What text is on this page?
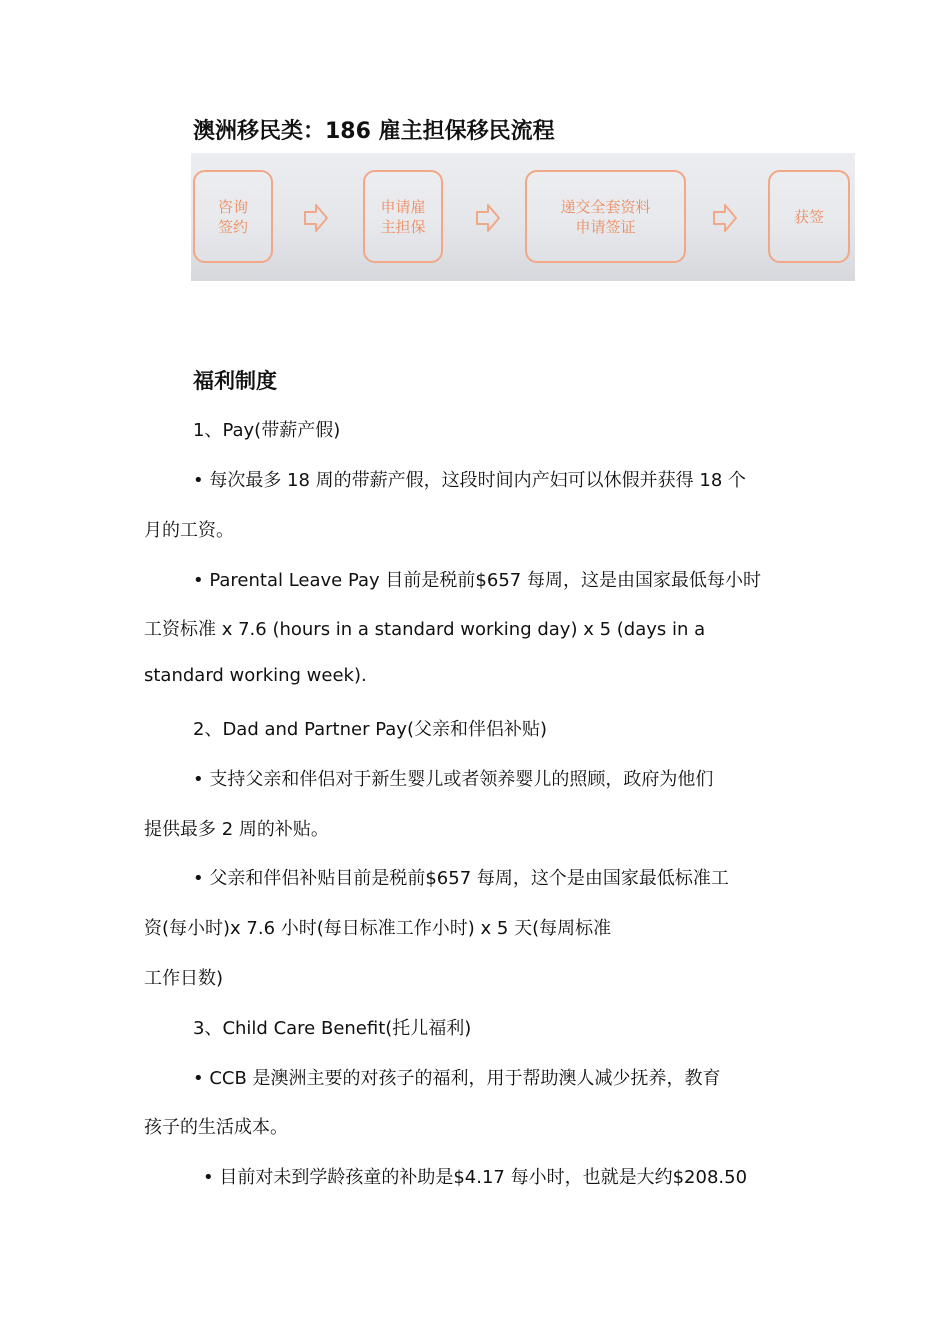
澳洲移民类：186 雇主担保移民流程
咨询
签约
申请雇
主担保
递交全套资料
申请签证
获签
福利制度
1、Pay(带薪产假)
• 每次最多 18 周的带薪产假，这段时间内产妇可以休假并获得 18 个
月的工资。
• Parental Leave Pay 目前是税前$657 每周，这是由国家最低每小时
工资标准 x 7.6 (hours in a standard working day) x 5 (days in a
standard working week).
2、Dad and Partner Pay(父亲和伴侣补贴)
• 支持父亲和伴侣对于新生婴儿或者领养婴儿的照顾，政府为他们
提供最多 2 周的补贴。
• 父亲和伴侣补贴目前是税前$657 每周，这个是由国家最低标准工
资(每小时)x 7.6 小时(每日标准工作小时) x 5 天(每周标准
工作日数)
3、Child Care Benefit(托儿福利)
• CCB 是澳洲主要的对孩子的福利，用于帮助澳人减少抚养，教育
孩子的生活成本。
• 目前对未到学龄孩童的补助是$4.17 每小时，也就是大约$208.50
